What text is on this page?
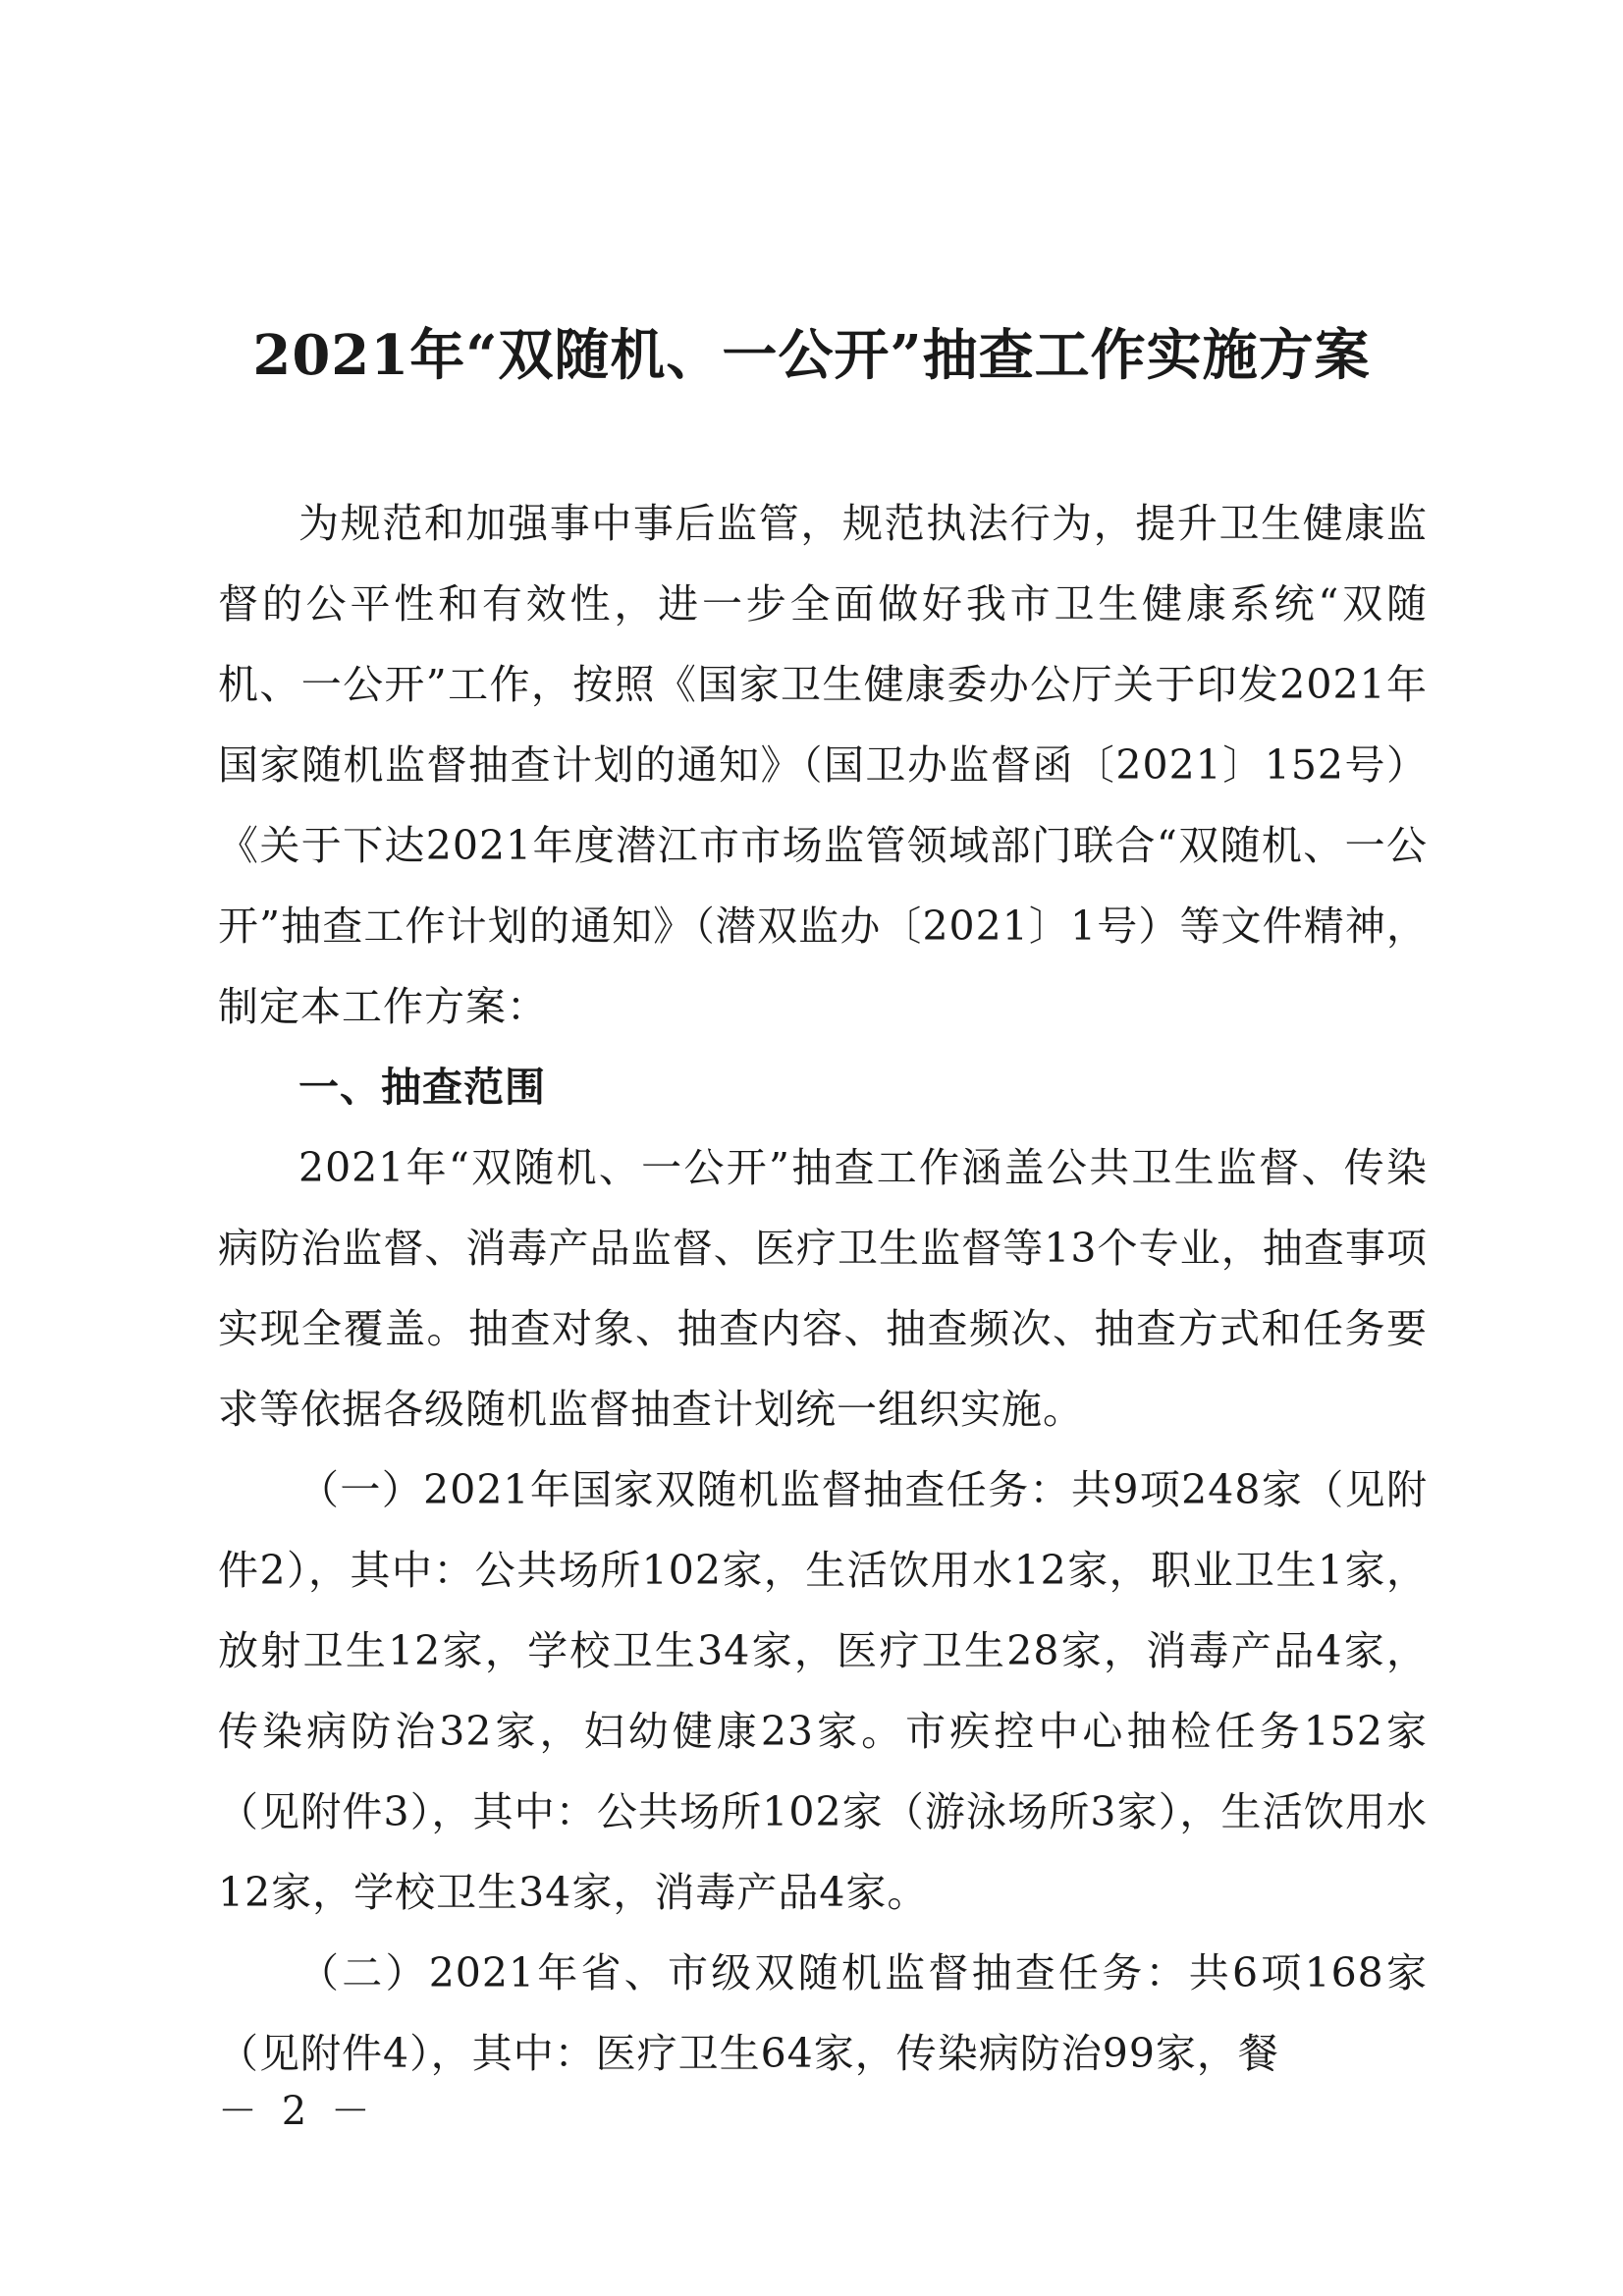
2021年“双随机、一公开”抽查工作实施方案

为规范和加强事中事后监管，规范执法行为，提升卫生健康监督的公平性和有效性，进一步全面做好我市卫生健康系统“双随机、一公开”工作，按照《国家卫生健康委办公厅关于印发2021年国家随机监督抽查计划的通知》（国卫办监督函〔2021〕152号）《关于下达2021年度潜江市市场监管领域部门联合“双随机、一公开”抽查工作计划的通知》（潜双监办〔2021〕1号）等文件精神，制定本工作方案：

一、抽查范围

2021年“双随机、一公开”抽查工作涵盖公共卫生监督、传染病防治监督、消毒产品监督、医疗卫生监督等13个专业，抽查事项实现全覆盖。抽查对象、抽查内容、抽查频次、抽查方式和任务要求等依据各级随机监督抽查计划统一组织实施。

（一）2021年国家双随机监督抽查任务：共9项248家（见附件2），其中：公共场所102家，生活饮用水12家，职业卫生1家，放射卫生12家，学校卫生34家，医疗卫生28家，消毒产品4家，传染病防治32家，妇幼健康23家。市疾控中心抽检任务152家（见附件3），其中：公共场所102家（游泳场所3家），生活饮用水12家，学校卫生34家，消毒产品4家。

（二）2021年省、市级双随机监督抽查任务：共6项168家（见附件4），其中：医疗卫生64家，传染病防治99家，餐

－ 2 －
